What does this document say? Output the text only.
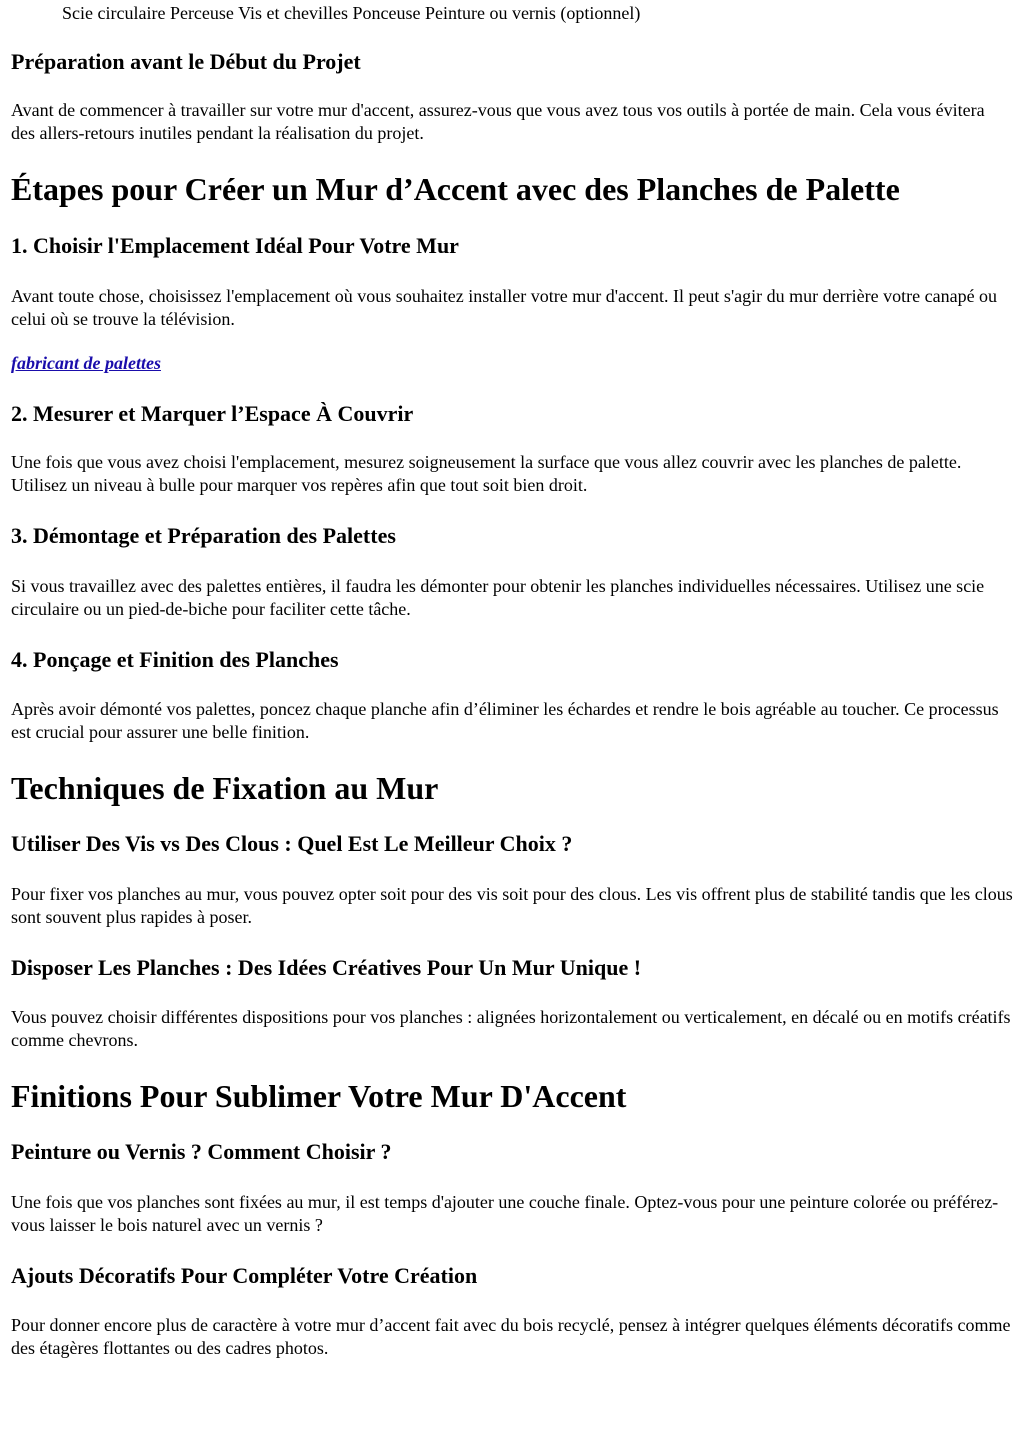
Scie circulaire Perceuse Vis et chevilles Ponceuse Peinture ou vernis (optionnel)

Préparation avant le Début du Projet

Avant de commencer à travailler sur votre mur d'accent, assurez-vous que vous avez tous vos outils à portée de main. Cela vous évitera des allers-retours inutiles pendant la réalisation du projet.

Étapes pour Créer un Mur d’Accent avec des Planches de Palette
1. Choisir l'Emplacement Idéal Pour Votre Mur

Avant toute chose, choisissez l'emplacement où vous souhaitez installer votre mur d'accent. Il peut s'agir du mur derrière votre canapé ou celui où se trouve la télévision.

fabricant de palettes
2. Mesurer et Marquer l’Espace À Couvrir

Une fois que vous avez choisi l'emplacement, mesurez soigneusement la surface que vous allez couvrir avec les planches de palette. Utilisez un niveau à bulle pour marquer vos repères afin que tout soit bien droit.

3. Démontage et Préparation des Palettes

Si vous travaillez avec des palettes entières, il faudra les démonter pour obtenir les planches individuelles nécessaires. Utilisez une scie circulaire ou un pied-de-biche pour faciliter cette tâche.

4. Ponçage et Finition des Planches

Après avoir démonté vos palettes, poncez chaque planche afin d’éliminer les échardes et rendre le bois agréable au toucher. Ce processus est crucial pour assurer une belle finition.

Techniques de Fixation au Mur
Utiliser Des Vis vs Des Clous : Quel Est Le Meilleur Choix ?

Pour fixer vos planches au mur, vous pouvez opter soit pour des vis soit pour des clous. Les vis offrent plus de stabilité tandis que les clous sont souvent plus rapides à poser.

Disposer Les Planches : Des Idées Créatives Pour Un Mur Unique !

Vous pouvez choisir différentes dispositions pour vos planches : alignées horizontalement ou verticalement, en décalé ou en motifs créatifs comme chevrons.

Finitions Pour Sublimer Votre Mur D'Accent
Peinture ou Vernis ? Comment Choisir ?

Une fois que vos planches sont fixées au mur, il est temps d'ajouter une couche finale. Optez-vous pour une peinture colorée ou préférez-vous laisser le bois naturel avec un vernis ?

Ajouts Décoratifs Pour Compléter Votre Création

Pour donner encore plus de caractère à votre mur d’accent fait avec du bois recyclé, pensez à intégrer quelques éléments décoratifs comme des étagères flottantes ou des cadres photos.
